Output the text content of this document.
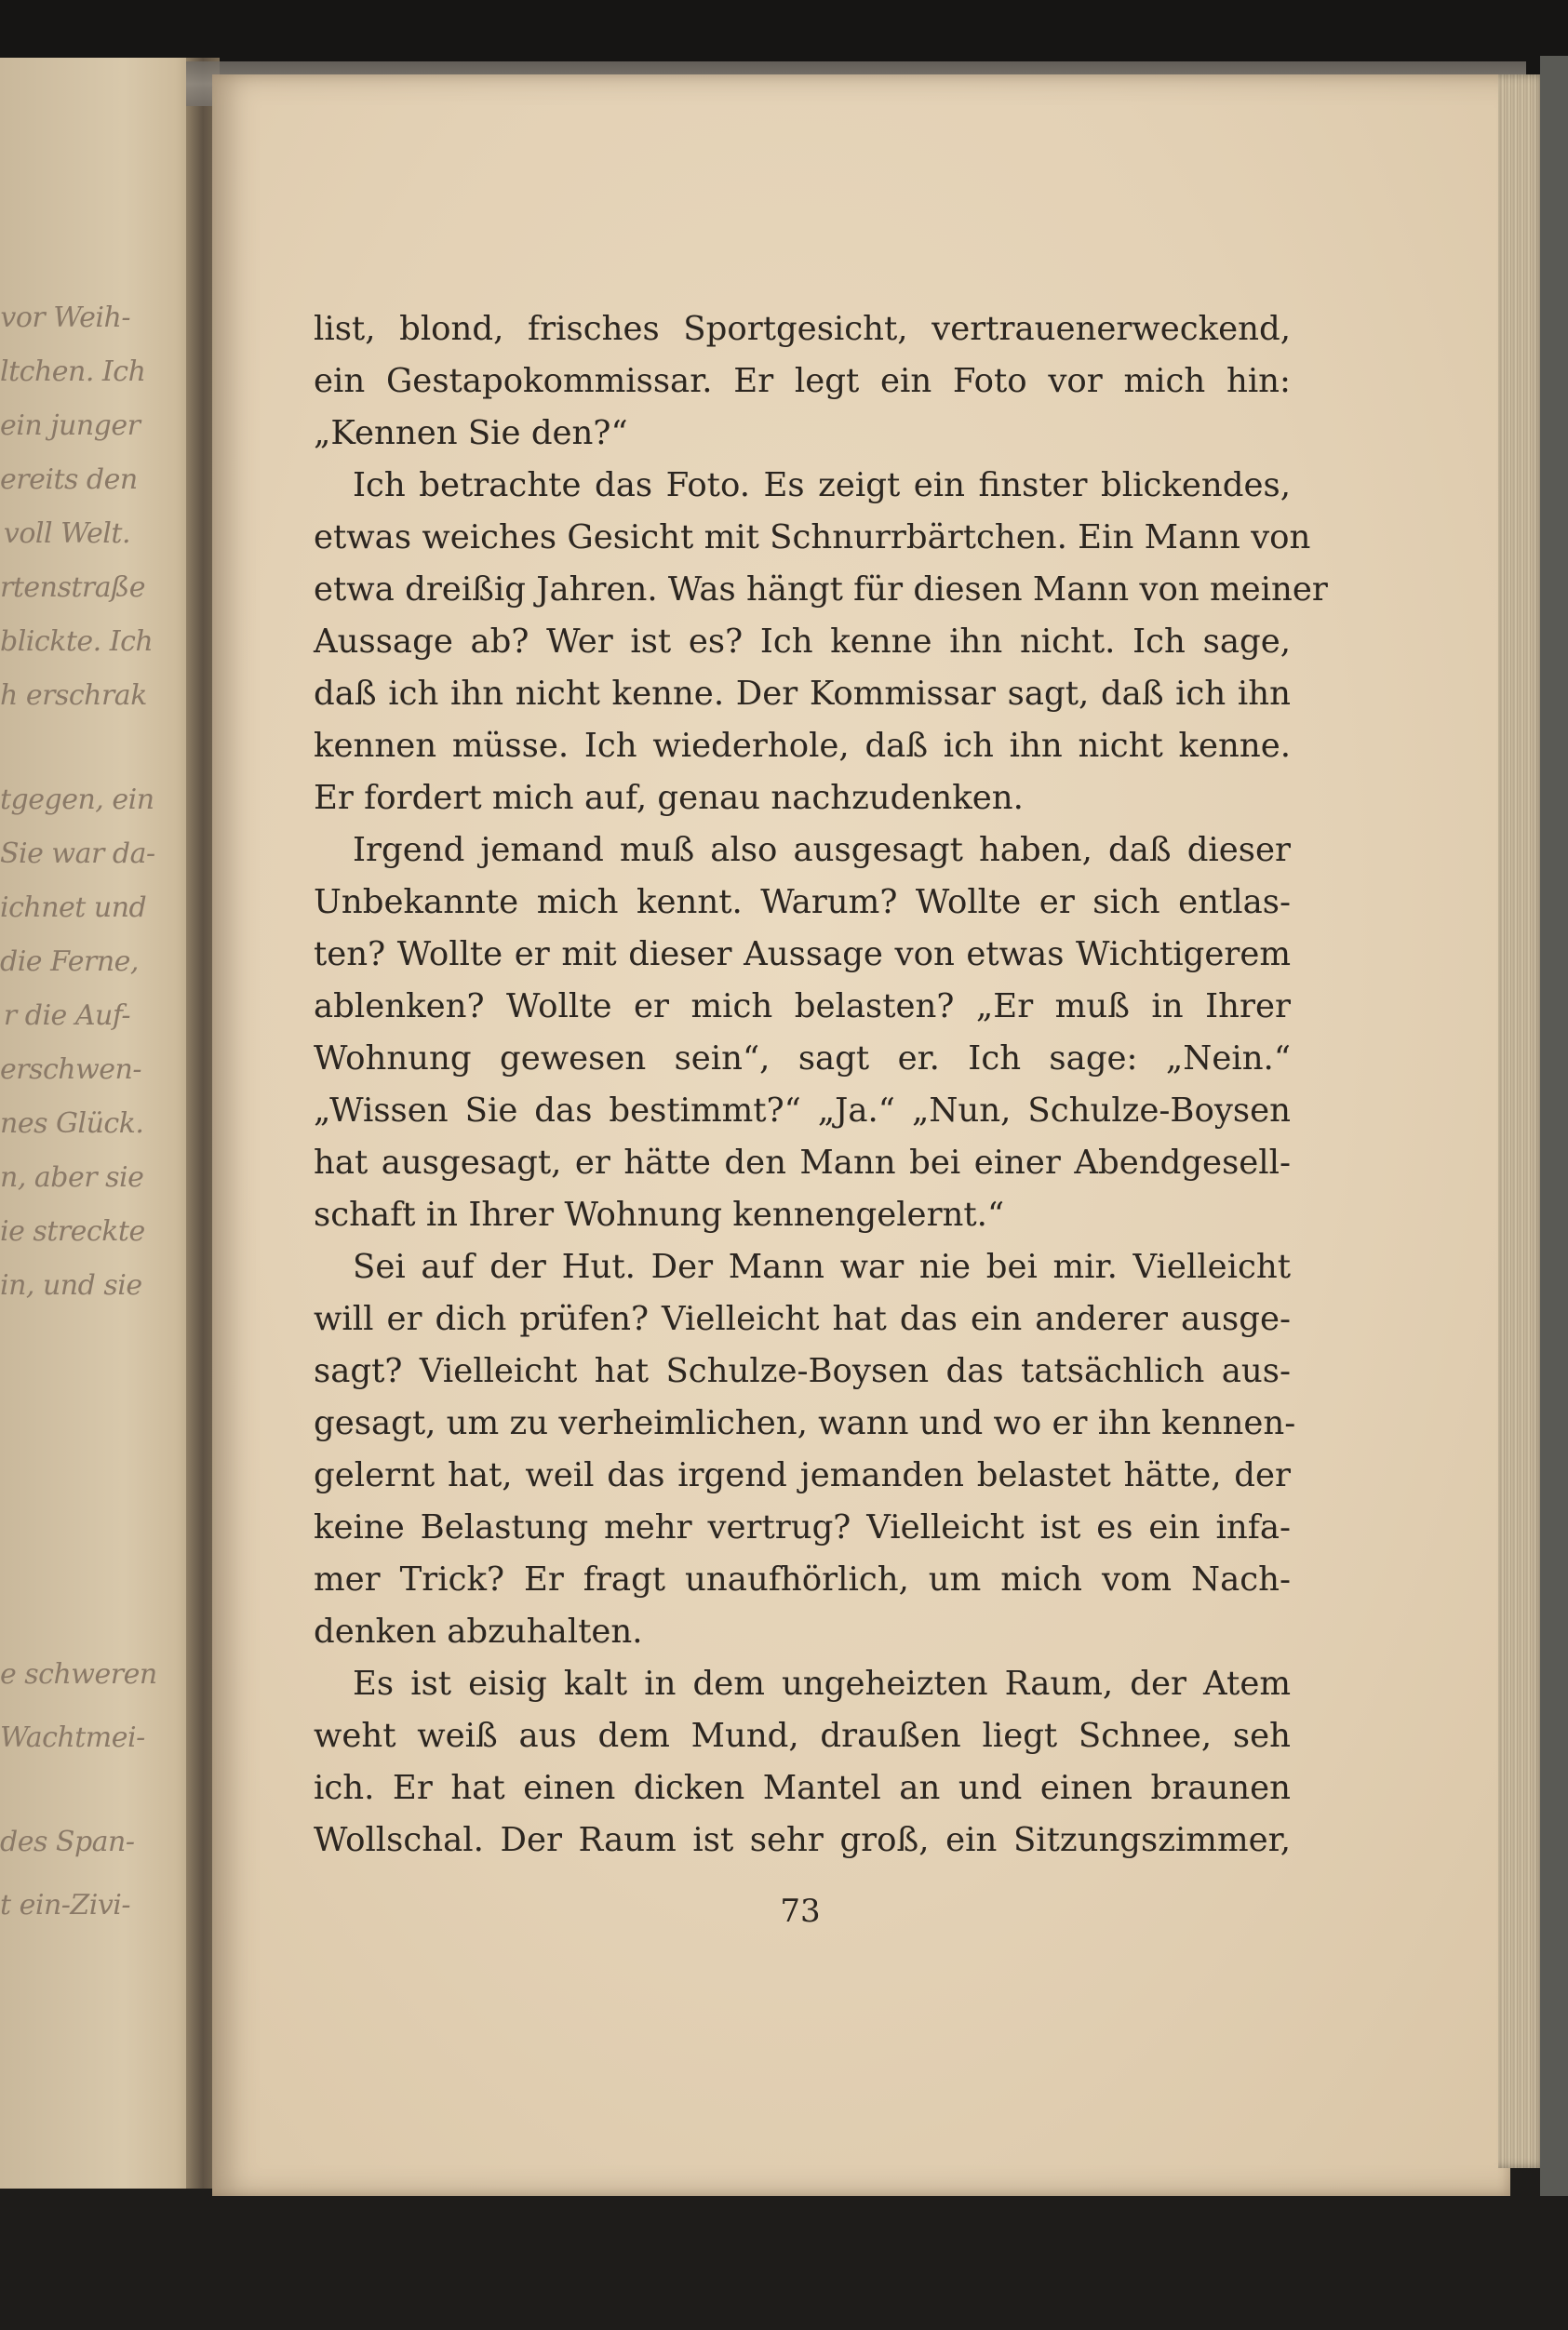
vor Weih-
ltchen. Ich
ein junger
ereits den
voll Welt.
rtenstraße
blickte. Ich
h erschrak
tgegen, ein
Sie war da-
ichnet und
die Ferne,
r die Auf-
erschwen-
nes Glück.
n, aber sie
ie streckte
in, und sie
e schweren
Wachtmei-
des Span-
t ein-Zivi-
list, blond, frisches Sportgesicht, vertrauenerweckend,
ein Gestapokommissar. Er legt ein Foto vor mich hin:
„Kennen Sie den?“
Ich betrachte das Foto. Es zeigt ein finster blickendes,
etwas weiches Gesicht mit Schnurrbärtchen. Ein Mann von
etwa dreißig Jahren. Was hängt für diesen Mann von meiner
Aussage ab? Wer ist es? Ich kenne ihn nicht. Ich sage,
daß ich ihn nicht kenne. Der Kommissar sagt, daß ich ihn
kennen müsse. Ich wiederhole, daß ich ihn nicht kenne.
Er fordert mich auf, genau nachzudenken.
Irgend jemand muß also ausgesagt haben, daß dieser
Unbekannte mich kennt. Warum? Wollte er sich entlas-
ten? Wollte er mit dieser Aussage von etwas Wichtigerem
ablenken? Wollte er mich belasten? „Er muß in Ihrer
Wohnung gewesen sein“, sagt er. Ich sage: „Nein.“
„Wissen Sie das bestimmt?“ „Ja.“ „Nun, Schulze-Boysen
hat ausgesagt, er hätte den Mann bei einer Abendgesell-
schaft in Ihrer Wohnung kennengelernt.“
Sei auf der Hut. Der Mann war nie bei mir. Vielleicht
will er dich prüfen? Vielleicht hat das ein anderer ausge-
sagt? Vielleicht hat Schulze-Boysen das tatsächlich aus-
gesagt, um zu verheimlichen, wann und wo er ihn kennen-
gelernt hat, weil das irgend jemanden belastet hätte, der
keine Belastung mehr vertrug? Vielleicht ist es ein infa-
mer Trick? Er fragt unaufhörlich, um mich vom Nach-
denken abzuhalten.
Es ist eisig kalt in dem ungeheizten Raum, der Atem
weht weiß aus dem Mund, draußen liegt Schnee, seh
ich. Er hat einen dicken Mantel an und einen braunen
Wollschal. Der Raum ist sehr groß, ein Sitzungszimmer,
73
